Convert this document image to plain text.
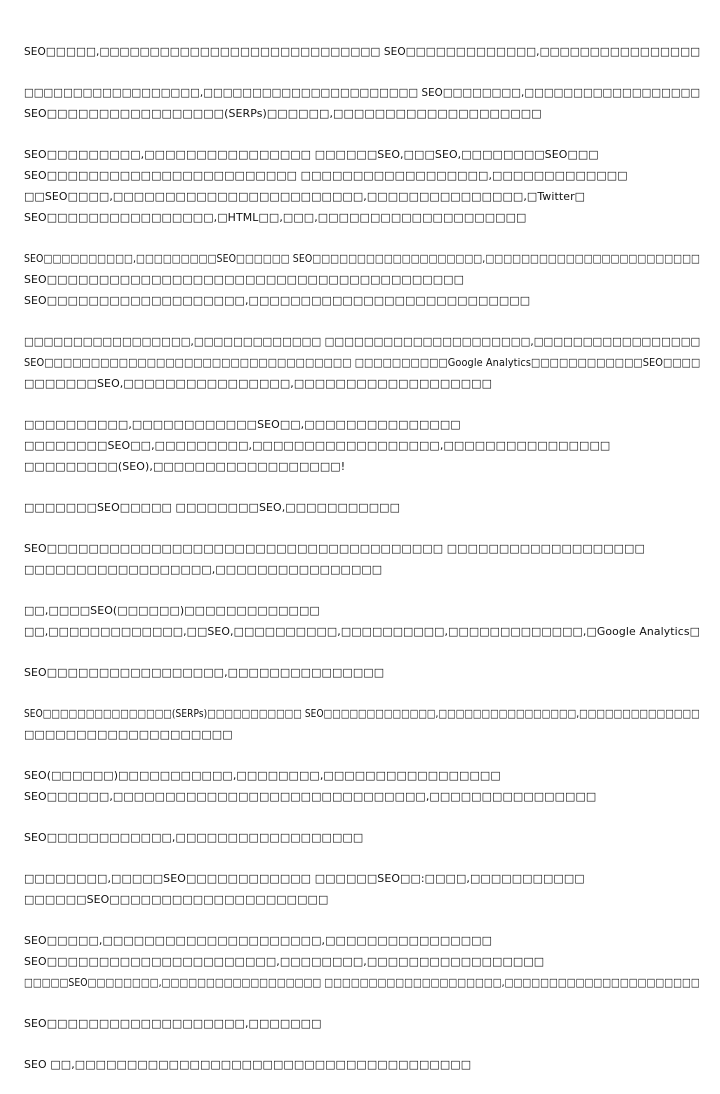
SEO□□□□□,□□□□□□□□□□□□□□□□□□□□□□□□□□□□ SEO□□□□□□□□□□□□□,□□□□□□□□□□□□□□□□
□□□□□□□□□□□□□□□□□□,□□□□□□□□□□□□□□□□□□□□□□ SEO□□□□□□□□,□□□□□□□□□□□□□□□□□□SEO□□□□□□□□□□□□□□□□□(SERPs)□□□□□□,□□□□□□□□□□□□□□□□□□□□
SEO□□□□□□□□□,□□□□□□□□□□□□□□□□ □□□□□□SEO,□□□SEO,□□□□□□□□SEO□□□SEO□□□□□□□□□□□□□□□□□□□□□□□□ □□□□□□□□□□□□□□□□□□,□□□□□□□□□□□□□□□SEO□□□□,□□□□□□□□□□□□□□□□□□□□□□□□,□□□□□□□□□□□□□□□,□Twitter□SEO□□□□□□□□□□□□□□□□,□HTML□□,□□□,□□□□□□□□□□□□□□□□□□□□
SEO□□□□□□□□□□,□□□□□□□□□SEO□□□□□□ SEO□□□□□□□□□□□□□□□□□□□,□□□□□□□□□□□□□□□□□□□□□□□□SEO□□□□□□□□□□□□□□□□□□□□□□□□□□□□□□□□□□□□□□□□SEO□□□□□□□□□□□□□□□□□□□,□□□□□□□□□□□□□□□□□□□□□□□□□□□
□□□□□□□□□□□□□□□□□,□□□□□□□□□□□□□ □□□□□□□□□□□□□□□□□□□□□,□□□□□□□□□□□□□□□□□SEO□□□□□□□□□□□□□□□□□□□□□□□□□□□□□□□□□ □□□□□□□□□□Google Analytics□□□□□□□□□□□□SEO□□□□□□□□□□□SEO,□□□□□□□□□□□□□□□□,□□□□□□□□□□□□□□□□□□□
□□□□□□□□□□,□□□□□□□□□□□□SEO□□,□□□□□□□□□□□□□□□□□□□□□□□SEO□□,□□□□□□□□□,□□□□□□□□□□□□□□□□□□,□□□□□□□□□□□□□□□□□□□□□□□□□(SEO),□□□□□□□□□□□□□□□□□□!
□□□□□□□SEO□□□□□ □□□□□□□□SEO,□□□□□□□□□□□
SEO□□□□□□□□□□□□□□□□□□□□□□□□□□□□□□□□□□□□□□ □□□□□□□□□□□□□□□□□□□□□□□□□□□□□□□□□□□□□,□□□□□□□□□□□□□□□□
□□,□□□□SEO(□□□□□□)□□□□□□□□□□□□□□□,□□□□□□□□□□□□□,□□SEO,□□□□□□□□□□,□□□□□□□□□□,□□□□□□□□□□□□□,□Google Analytics□
SEO□□□□□□□□□□□□□□□□□,□□□□□□□□□□□□□□□
SEO□□□□□□□□□□□□□□□(SERPs)□□□□□□□□□□□ SEO□□□□□□□□□□□□□,□□□□□□□□□□□□□□□□,□□□□□□□□□□□□□□□□□□□□□□□□□□□□□□□□□□
SEO(□□□□□□)□□□□□□□□□□□,□□□□□□□□,□□□□□□□□□□□□□□□□□SEO□□□□□□,□□□□□□□□□□□□□□□□□□□□□□□□□□□□□□,□□□□□□□□□□□□□□□□
SEO□□□□□□□□□□□□,□□□□□□□□□□□□□□□□□□
□□□□□□□□,□□□□□SEO□□□□□□□□□□□□ □□□□□□SEO□□:□□□□,□□□□□□□□□□□□□□□□□SEO□□□□□□□□□□□□□□□□□□□□□
SEO□□□□□,□□□□□□□□□□□□□□□□□□□□□,□□□□□□□□□□□□□□□□SEO□□□□□□□□□□□□□□□□□□□□□□,□□□□□□□□,□□□□□□□□□□□□□□□□□□□□□□SEO□□□□□□□□,□□□□□□□□□□□□□□□□□□ □□□□□□□□□□□□□□□□□□□□,□□□□□□□□□□□□□□□□□□□□□□
SEO□□□□□□□□□□□□□□□□□□□,□□□□□□□
SEO □□,□□□□□□□□□□□□□□□□□□□□□□□□□□□□□□□□□□□□□□
